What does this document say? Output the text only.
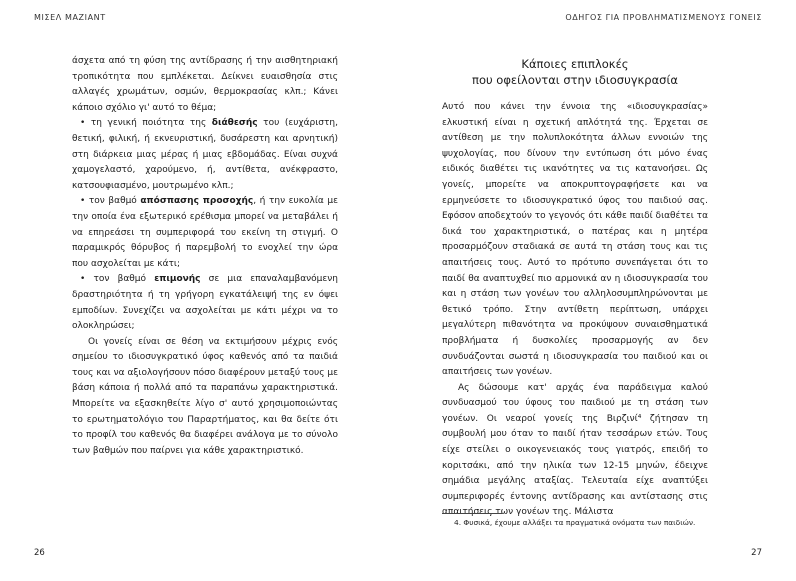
ΜΙΣΕΛ ΜΑΖΙΑΝΤ

άσχετα από τη φύση της αντίδρασης ή την αισθητηριακή τροπικότητα που εμπλέκεται. Δείκνει ευαισθησία στις αλλαγές χρωμάτων, οσμών, θερμοκρασίας κλπ.; Κάνει κάποιο σχόλιο γι' αυτό το θέμα;

• τη γενική ποιότητα της διάθεσής του (ευχάριστη, θετική, φιλική, ή εκνευριστική, δυσάρεστη και αρνητική) στη διάρκεια μιας μέρας ή μιας εβδομάδας. Είναι συχνά χαμογελαστό, χαρούμενο, ή, αντίθετα, ανέκφραστο, κατσουφιασμένο, μουτρωμένο κλπ.;

• τον βαθμό απόσπασης προσοχής, ή την ευκολία με την οποία ένα εξωτερικό ερέθισμα μπορεί να μεταβάλει ή να επηρεάσει τη συμπεριφορά του εκείνη τη στιγμή. Ο παραμικρός θόρυβος ή παρεμβολή το ενοχλεί την ώρα που ασχολείται με κάτι;

• τον βαθμό επιμονής σε μια επαναλαμβανόμενη δραστηριότητα ή τη γρήγορη εγκατάλειψή της εν όψει εμποδίων. Συνεχίζει να ασχολείται με κάτι μέχρι να το ολοκληρώσει;

Οι γονείς είναι σε θέση να εκτιμήσουν μέχρις ενός σημείου το ιδιοσυγκρατικό ύφος καθενός από τα παιδιά τους και να αξιολογήσουν πόσο διαφέρουν μεταξύ τους με βάση κάποια ή πολλά από τα παραπάνω χαρακτηριστικά. Μπορείτε να εξασκηθείτε λίγο σ' αυτό χρησιμοποιώντας το ερωτηματολόγιο του Παραρτήματος, και θα δείτε ότι το προφίλ του καθενός θα διαφέρει ανάλογα με το σύνολο των βαθμών που παίρνει για κάθε χαρακτηριστικό.

26
ΟΔΗΓΟΣ ΓΙΑ ΠΡΟΒΛΗΜΑΤΙΣΜΕΝΟΥΣ ΓΟΝΕΙΣ
Κάποιες επιπλοκές
που οφείλονται στην ιδιοσυγκρασία

Αυτό που κάνει την έννοια της «ιδιοσυγκρασίας» ελκυστική είναι η σχετική απλότητά της. Έρχεται σε αντίθεση με την πολυπλοκότητα άλλων εννοιών της ψυχολογίας, που δίνουν την εντύπωση ότι μόνο ένας ειδικός διαθέτει τις ικανότητες να τις κατανοήσει. Ως γονείς, μπορείτε να αποκρυπτογραφήσετε και να ερμηνεύσετε το ιδιοσυγκρατικό ύφος του παιδιού σας. Εφόσον αποδεχτούν το γεγονός ότι κάθε παιδί διαθέτει τα δικά του χαρακτηριστικά, ο πατέρας και η μητέρα προσαρμόζουν σταδιακά σε αυτά τη στάση τους και τις απαιτήσεις τους. Αυτό το πρότυπο συνεπάγεται ότι το παιδί θα αναπτυχθεί πιο αρμονικά αν η ιδιοσυγκρασία του και η στάση των γονέων του αλληλοσυμπληρώνονται με θετικό τρόπο. Στην αντίθετη περίπτωση, υπάρχει μεγαλύτερη πιθανότητα να προκύψουν συναισθηματικά προβλήματα ή δυσκολίες προσαρμογής αν δεν συνδυάζονται σωστά η ιδιοσυγκρασία του παιδιού και οι απαιτήσεις των γονέων.

Ας δώσουμε κατ' αρχάς ένα παράδειγμα καλού συνδυασμού του ύφους του παιδιού με τη στάση των γονέων. Οι νεαροί γονείς της Βιρζινί⁴ ζήτησαν τη συμβουλή μου όταν το παιδί ήταν τεσσάρων ετών. Τους είχε στείλει ο οικογενειακός τους γιατρός, επειδή το κοριτσάκι, από την ηλικία των 12-15 μηνών, έδειχνε σημάδια μεγάλης αταξίας. Τελευταία είχε αναπτύξει συμπεριφορές έντονης αντίδρασης και αντίστασης στις απαιτήσεις των γονέων της. Μάλιστα

4. Φυσικά, έχουμε αλλάξει τα πραγματικά ονόματα των παιδιών.
27
